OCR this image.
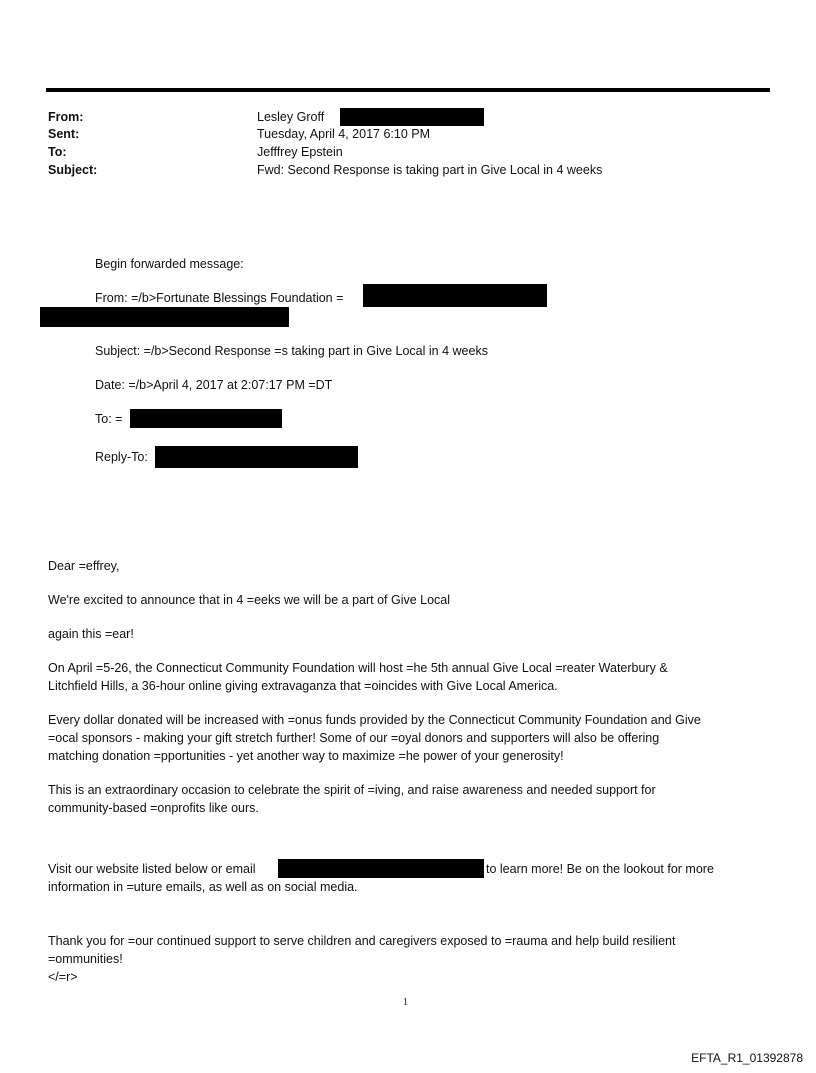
From:	Lesley Groff
Sent:	Tuesday, April 4, 2017 6:10 PM
To:	Jefffrey Epstein
Subject:	Fwd: Second Response is taking part in Give Local in 4 weeks
Begin forwarded message:
From: =/b>Fortunate Blessings Foundation =
Subject: =/b>Second Response =s taking part in Give Local in 4 weeks
Date: =/b>April 4, 2017 at 2:07:17 PM =DT
To: =
Reply-To:
Dear =effrey,
We're excited to announce that in 4 =eeks we will be a part of Give Local
again this =ear!
On April =5-26, the Connecticut Community Foundation will host =he 5th annual Give Local =reater Waterbury &
Litchfield Hills, a 36-hour online giving extravaganza that =oincides with Give Local America.
Every dollar donated will be increased with =onus funds provided by the Connecticut Community Foundation and Give
=ocal sponsors - making your gift stretch further! Some of our =oyal donors and supporters will also be offering
matching donation =pportunities - yet another way to maximize =he power of your generosity!
This is an extraordinary occasion to celebrate the spirit of =iving, and raise awareness and needed support for
community-based =onprofits like ours.
Visit our website listed below or email	to learn more! Be on the lookout for more
information in =uture emails, as well as on social media.
Thank you for =our continued support to serve children and caregivers exposed to =rauma and help build resilient
=ommunities!
</=r>
1
EFTA_R1_01392878
